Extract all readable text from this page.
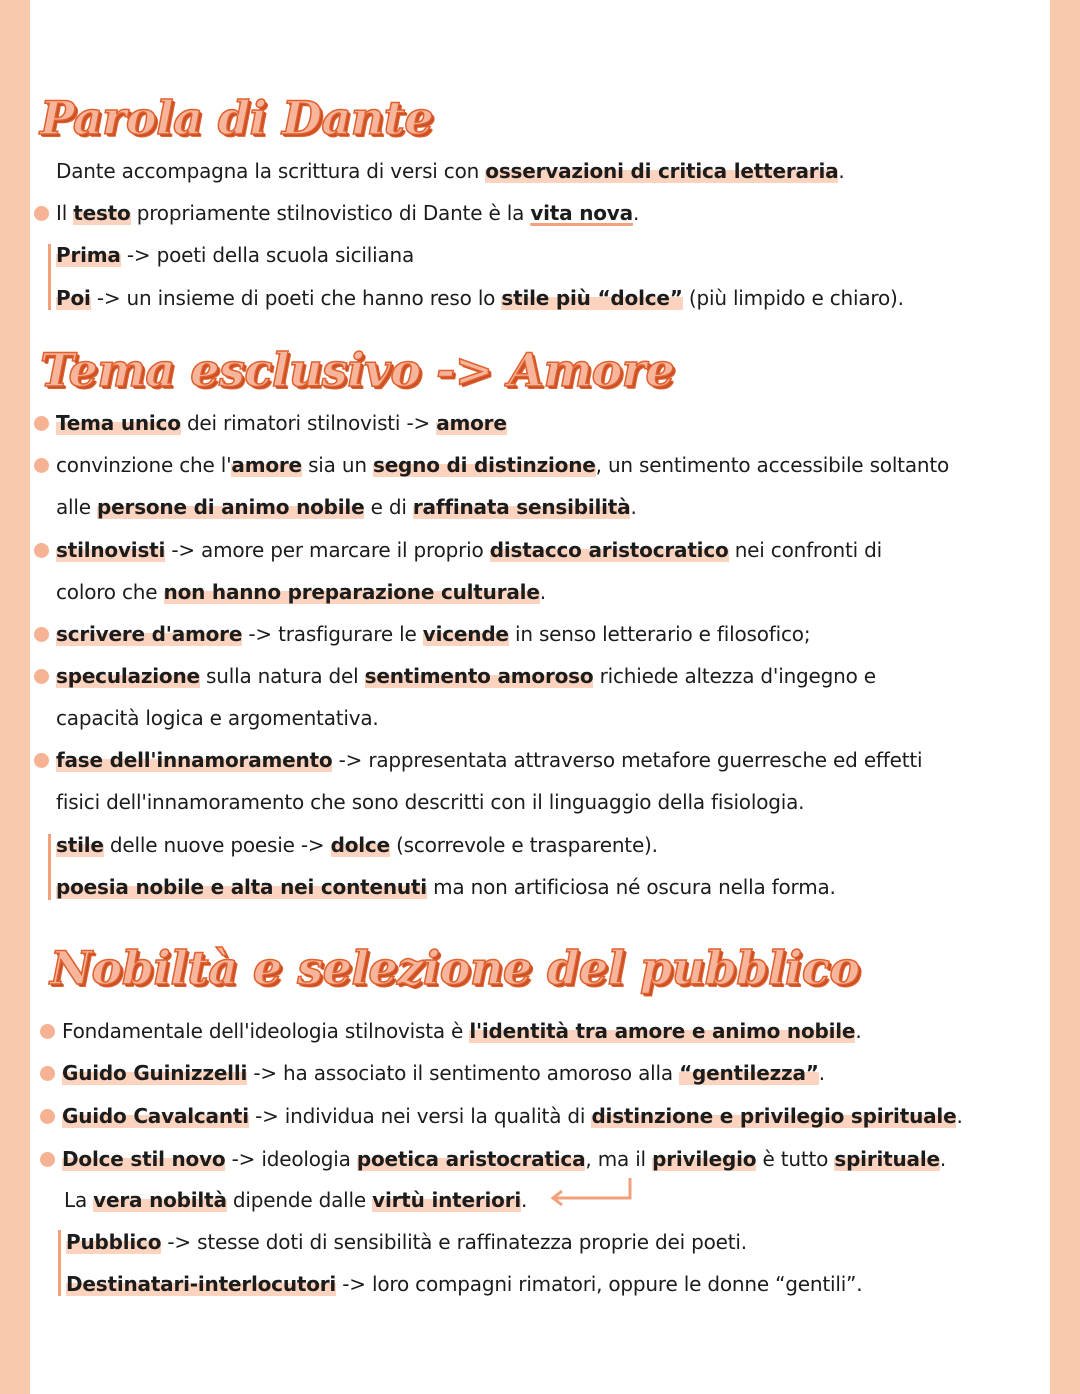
Parola di Dante
Tema esclusivo -> Amore
Nobiltà e selezione del pubblico

Dante accompagna la scrittura di versi con osservazioni di critica letteraria.

Il testo propriamente stilnovistico di Dante è la vita nova.

Prima -> poeti della scuola siciliana

Poi -> un insieme di poeti che hanno reso lo stile più “dolce” (più limpido e chiaro).

Tema unico dei rimatori stilnovisti -> amore

convinzione che l'amore sia un segno di distinzione, un sentimento accessibile soltanto

alle persone di animo nobile e di raffinata sensibilità.

stilnovisti -> amore per marcare il proprio distacco aristocratico nei confronti di

coloro che non hanno preparazione culturale.

scrivere d'amore -> trasfigurare le vicende in senso letterario e filosofico;

speculazione sulla natura del sentimento amoroso richiede altezza d'ingegno e

capacità logica e argomentativa.

fase dell'innamoramento -> rappresentata attraverso metafore guerresche ed effetti

fisici dell'innamoramento che sono descritti con il linguaggio della fisiologia.

stile delle nuove poesie -> dolce (scorrevole e trasparente).

poesia nobile e alta nei contenuti ma non artificiosa né oscura nella forma.

Fondamentale dell'ideologia stilnovista è l'identità tra amore e animo nobile.

Guido Guinizzelli -> ha associato il sentimento amoroso alla “gentilezza”.

Guido Cavalcanti -> individua nei versi la qualità di distinzione e privilegio spirituale.

Dolce stil novo -> ideologia poetica aristocratica, ma il privilegio è tutto spirituale.

La vera nobiltà dipende dalle virtù interiori.

Pubblico -> stesse doti di sensibilità e raffinatezza proprie dei poeti.

Destinatari-interlocutori -> loro compagni rimatori, oppure le donne “gentili”.
